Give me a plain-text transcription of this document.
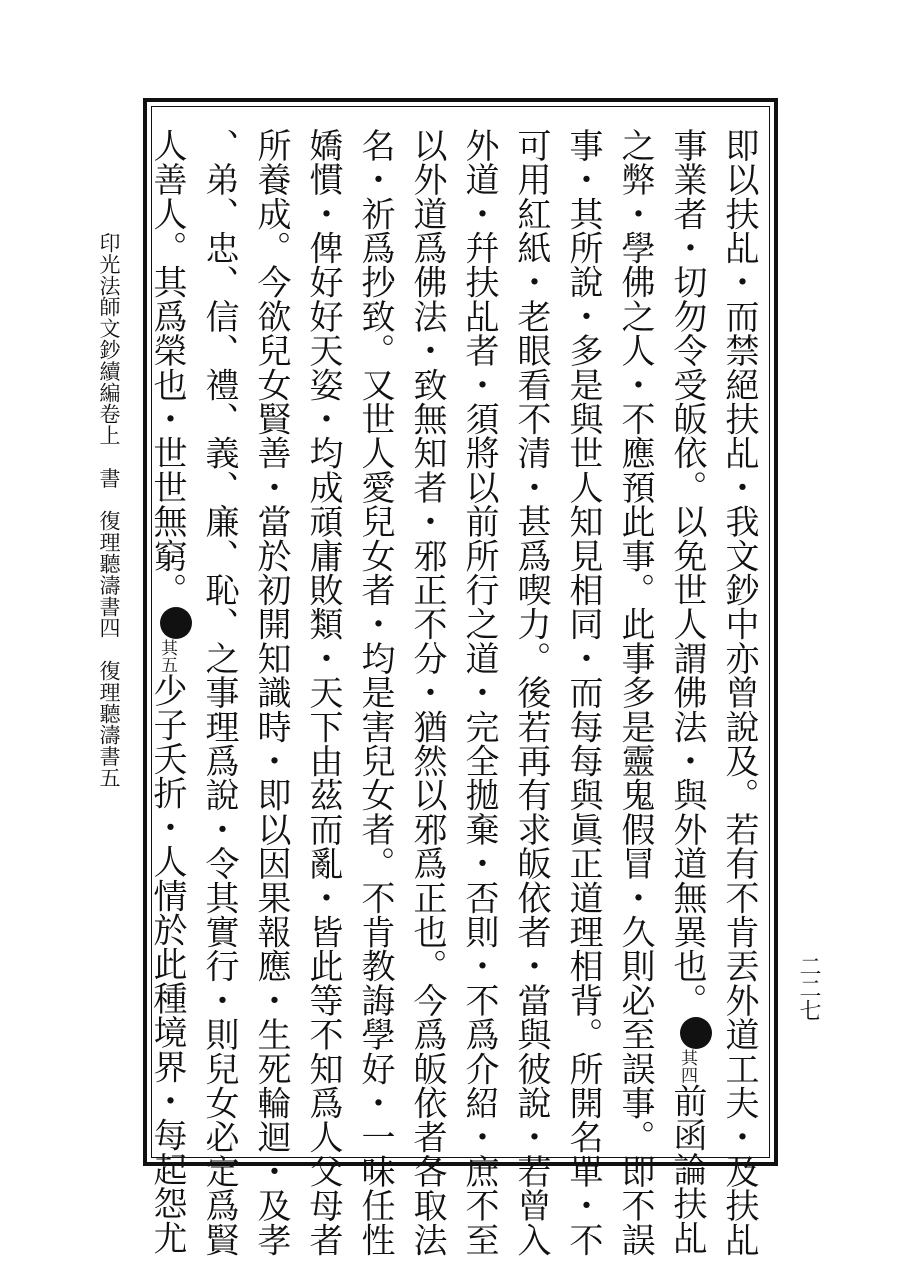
印光法師文鈔續編卷上　書　復理聽濤書四　復理聽濤書五	即以扶乩・而禁絕扶乩・我文鈔中亦曾說及。若有不肯丟外道工夫・及扶乩
事業者・切勿令受皈依。以免世人謂佛法・與外道無異也。其四前函論扶乩
之弊・學佛之人・不應預此事。此事多是靈鬼假冒・久則必至誤事。即不誤
事・其所說・多是與世人知見相同・而每每與眞正道理相背。所開名單・不
可用紅紙・老眼看不清・甚爲喫力。後若再有求皈依者・當與彼說・若曾入
外道・幷扶乩者・須將以前所行之道・完全拋棄・否則・不爲介紹・庶不至
以外道爲佛法・致無知者・邪正不分・猶然以邪爲正也。今爲皈依者各取法
名・祈爲抄致。又世人愛兒女者・均是害兒女者。不肯教誨學好・一味任性
嬌慣・俾好好天姿・均成頑庸敗類・天下由茲而亂・皆此等不知爲人父母者
所養成。今欲兒女賢善・當於初開知識時・即以因果報應・生死輪迴・及孝
、弟、忠、信、禮、義、廉、恥、之事理爲說・令其實行・則兒女必定爲賢
人善人。其爲榮也・世世無窮。其五少子夭折・人情於此種境界・每起怨尤	二二七
